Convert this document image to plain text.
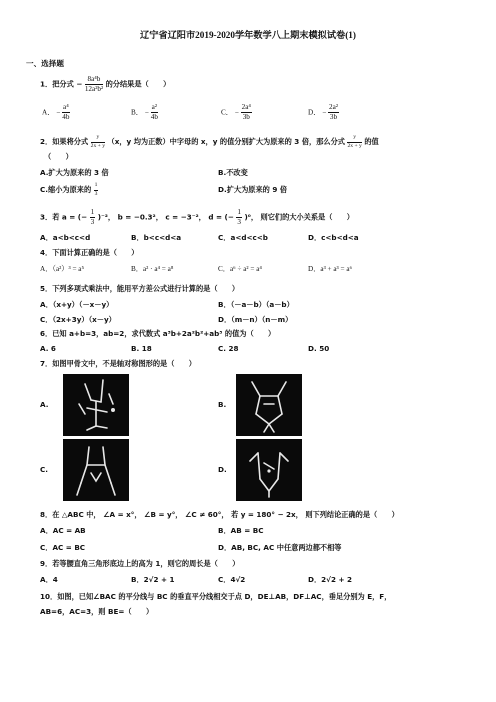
辽宁省辽阳市2019-2020学年数学八上期末模拟试卷(1)
一、选择题
1．把分式 − $\frac{\text{8a⁴b}}{\text{12a²b²}}$ 的分结果是（　　）
A． − $\frac{\text{a⁴}}{4b}$	B． − $\frac{\text{a²}}{4b}$	C． − $\frac{\text{2a⁴}}{3b}$	D． − $\frac{\text{2a²}}{3b}$
2．如果将分式 $\frac{y}{2x + y} (x$，y 均为正数）中字母的 x，y 的值分别扩大为原来的 3 倍，那么分式 $\frac{y}{2x + y}$ 的值
（　　）
A.扩大为原来的 3 倍	B.不改变
C.缩小为原来的 $\frac{1}{3}$	D.扩大为原来的 9 倍
3．若 a = (− $\frac{1}{3} )^{-2}$， b = −0.3²， c = −3⁻²， d = (− $\frac{1}{3} )^0$， 则它们的大小关系是（　　）
A．a<b<c<d	B．b<c<d<a	C．a<d<c<b	D．c<b<d<a
4．下面计算正确的是（　　）
A．（a²）³ = a⁵	B．a² · a⁴ = a⁸	C．a⁶ ÷ a² = a⁴	D．a³ + a³ = a⁶
5．下列多项式乘法中，能用平方差公式进行计算的是（　　）
A．（x+y）（－x－y）	B．（－a－b）（a－b）
C．（2x+3y）（x－y）	D．（m－n）（n－m）
6．已知 a+b=3，ab=2，求代数式 a³b+2a²b²+ab³ 的值为（　　）
A. 6	B. 18	C. 28	D. 50
7．如图甲骨文中，不是轴对称图形的是（　　）
A.	B.
C.	D.
8．在 △ABC 中， ∠A = x°， ∠B = y°， ∠C ≠ 60°， 若 y = 180° − 2x， 则下列结论正确的是（　　）
A．AC = AB	B．AB = BC
C．AC = BC	D．AB, BC, AC 中任意两边都不相等
9．若等腰直角三角形底边上的高为 1，则它的周长是（　　）
A．4	B．2√2 + 1	C．4√2	D．2√2 + 2
10．如图，已知∠BAC 的平分线与 BC 的垂直平分线相交于点 D，DE⊥AB，DF⊥AC，垂足分别为 E，F，
AB=6，AC=3，则 BE=（　　）
